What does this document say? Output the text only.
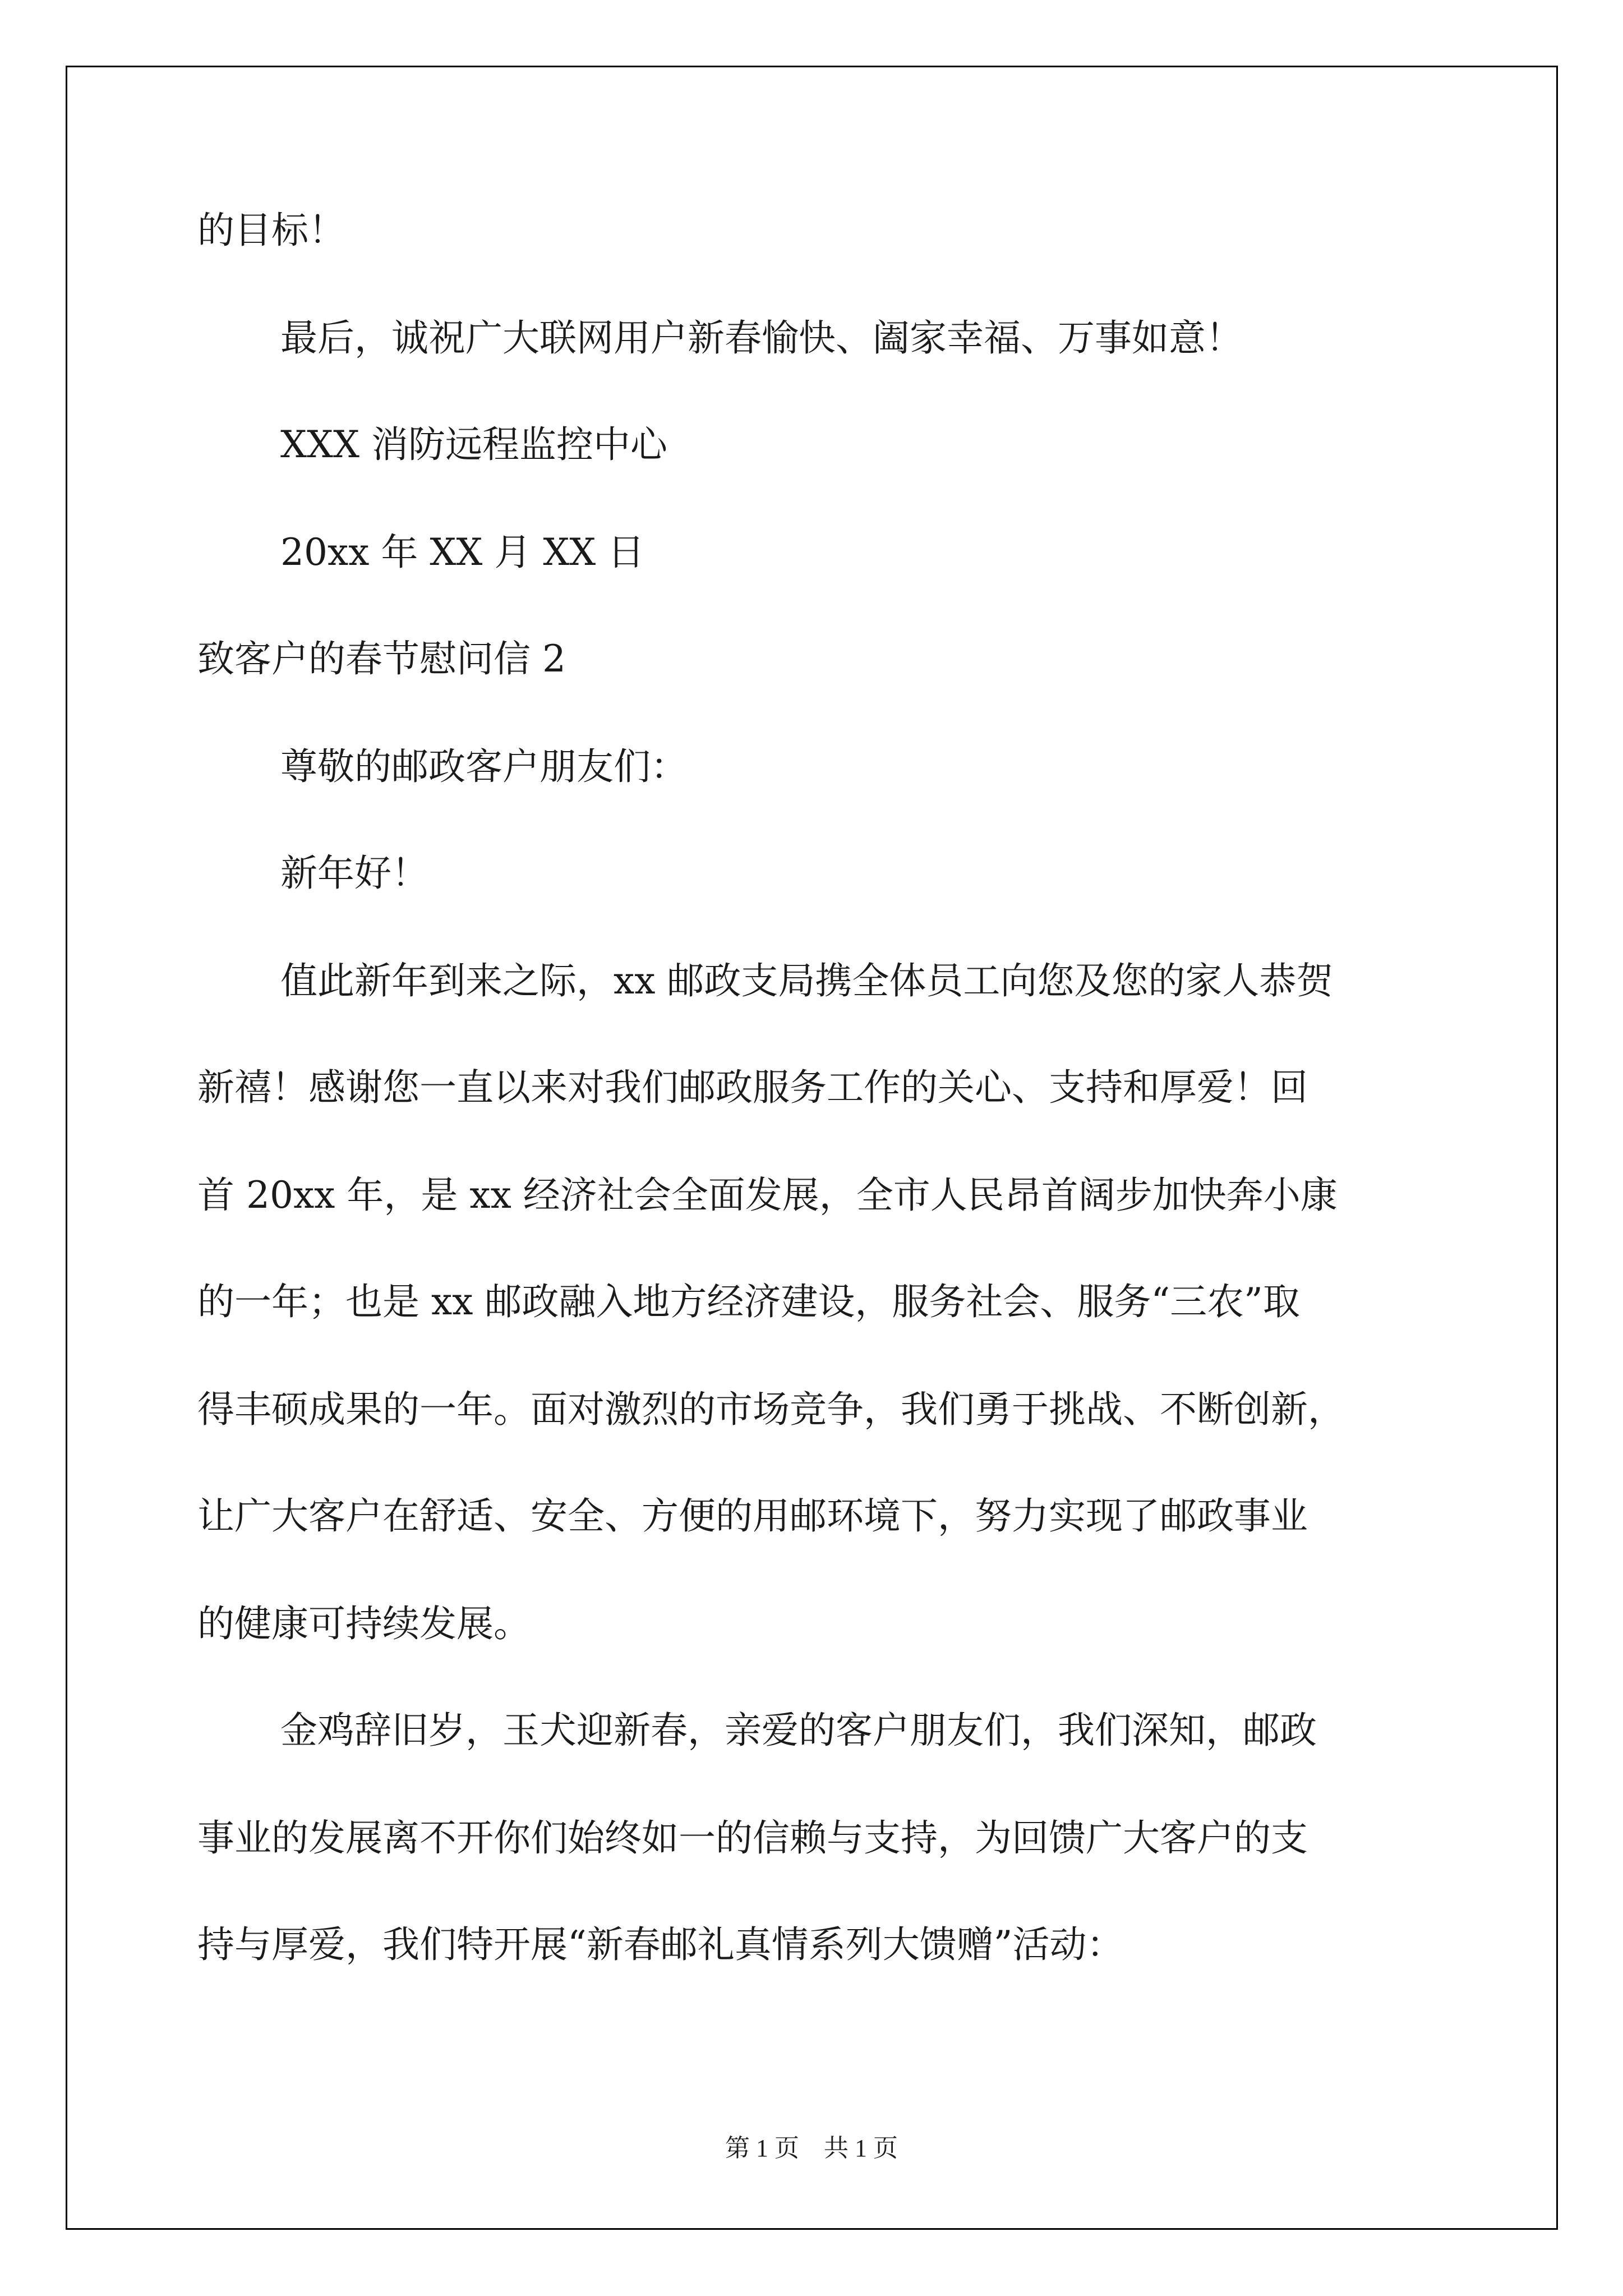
的目标！

最后，诚祝广大联网用户新春愉快、阖家幸福、万事如意！

XXX 消防远程监控中心

20xx 年 XX 月 XX 日

致客户的春节慰问信 2

尊敬的邮政客户朋友们：

新年好！

值此新年到来之际，xx 邮政支局携全体员工向您及您的家人恭贺

新禧！感谢您一直以来对我们邮政服务工作的关心、支持和厚爱！回

首 20xx 年，是 xx 经济社会全面发展，全市人民昂首阔步加快奔小康

的一年；也是 xx 邮政融入地方经济建设，服务社会、服务“三农”取

得丰硕成果的一年。面对激烈的市场竞争，我们勇于挑战、不断创新，

让广大客户在舒适、安全、方便的用邮环境下，努力实现了邮政事业

的健康可持续发展。

金鸡辞旧岁，玉犬迎新春，亲爱的客户朋友们，我们深知，邮政

事业的发展离不开你们始终如一的信赖与支持，为回馈广大客户的支

持与厚爱，我们特开展“新春邮礼真情系列大馈赠”活动：

第 1 页　共 1 页
